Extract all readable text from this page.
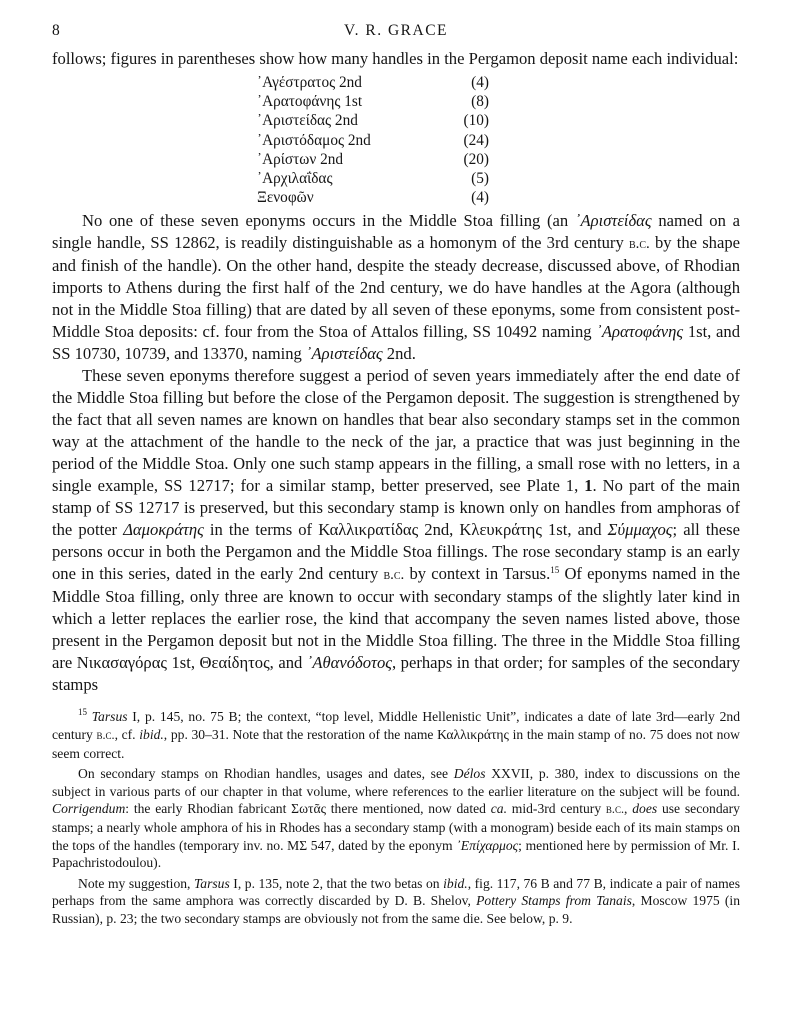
8	V. R. GRACE

follows; figures in parentheses show how many handles in the Pergamon deposit name each individual:

᾿Αγέστρατος 2nd	(4)
᾿Αρατοφάνης 1st	(8)
᾿Αριστείδας 2nd	(10)
᾿Αριστόδαμος 2nd	(24)
᾿Αρίστων 2nd	(20)
᾿Αρχιλαΐδας	(5)
Ξενοφῶν	(4)

No one of these seven eponyms occurs in the Middle Stoa filling (an ᾿Αριστείδας named on a single handle, SS 12862, is readily distinguishable as a homonym of the 3rd century b.c. by the shape and finish of the handle). On the other hand, despite the steady decrease, discussed above, of Rhodian imports to Athens during the first half of the 2nd century, we do have handles at the Agora (although not in the Middle Stoa filling) that are dated by all seven of these eponyms, some from consistent post-Middle Stoa deposits: cf. four from the Stoa of Attalos filling, SS 10492 naming ᾿Αρατοφάνης 1st, and SS 10730, 10739, and 13370, naming ᾿Αριστείδας 2nd.

These seven eponyms therefore suggest a period of seven years immediately after the end date of the Middle Stoa filling but before the close of the Pergamon deposit. The suggestion is strengthened by the fact that all seven names are known on handles that bear also secondary stamps set in the common way at the attachment of the handle to the neck of the jar, a practice that was just beginning in the period of the Middle Stoa. Only one such stamp appears in the filling, a small rose with no letters, in a single example, SS 12717; for a similar stamp, better preserved, see Plate 1, 1. No part of the main stamp of SS 12717 is preserved, but this secondary stamp is known only on handles from amphoras of the potter Δαμοκράτης in the terms of Καλλικρατίδας 2nd, Κλευκράτης 1st, and Σύμμαχος; all these persons occur in both the Pergamon and the Middle Stoa fillings. The rose secondary stamp is an early one in this series, dated in the early 2nd century b.c. by context in Tarsus.$^{15}$ Of eponyms named in the Middle Stoa filling, only three are known to occur with secondary stamps of the slightly later kind in which a letter replaces the earlier rose, the kind that accompany the seven names listed above, those present in the Pergamon deposit but not in the Middle Stoa filling. The three in the Middle Stoa filling are Νικασαγόρας 1st, Θεαίδητος, and ᾿Αθανόδοτος, perhaps in that order; for samples of the secondary stamps

$^{15}$ Tarsus I, p. 145, no. 75 B; the context, “top level, Middle Hellenistic Unit”, indicates a date of late 3rd—early 2nd century b.c., cf. ibid., pp. 30–31. Note that the restoration of the name Καλλικράτης in the main stamp of no. 75 does not now seem correct.

On secondary stamps on Rhodian handles, usages and dates, see Délos XXVII, p. 380, index to discussions on the subject in various parts of our chapter in that volume, where references to the earlier literature on the subject will be found. Corrigendum: the early Rhodian fabricant Σωτᾶς there mentioned, now dated ca. mid-3rd century b.c., does use secondary stamps; a nearly whole amphora of his in Rhodes has a secondary stamp (with a monogram) beside each of its main stamps on the tops of the handles (temporary inv. no. ΜΣ 547, dated by the eponym ᾿Επίχαρμος; mentioned here by permission of Mr. I. Papachristodoulou).

Note my suggestion, Tarsus I, p. 135, note 2, that the two betas on ibid., fig. 117, 76 B and 77 B, indicate a pair of names perhaps from the same amphora was correctly discarded by D. B. Shelov, Pottery Stamps from Tanais, Moscow 1975 (in Russian), p. 23; the two secondary stamps are obviously not from the same die. See below, p. 9.
